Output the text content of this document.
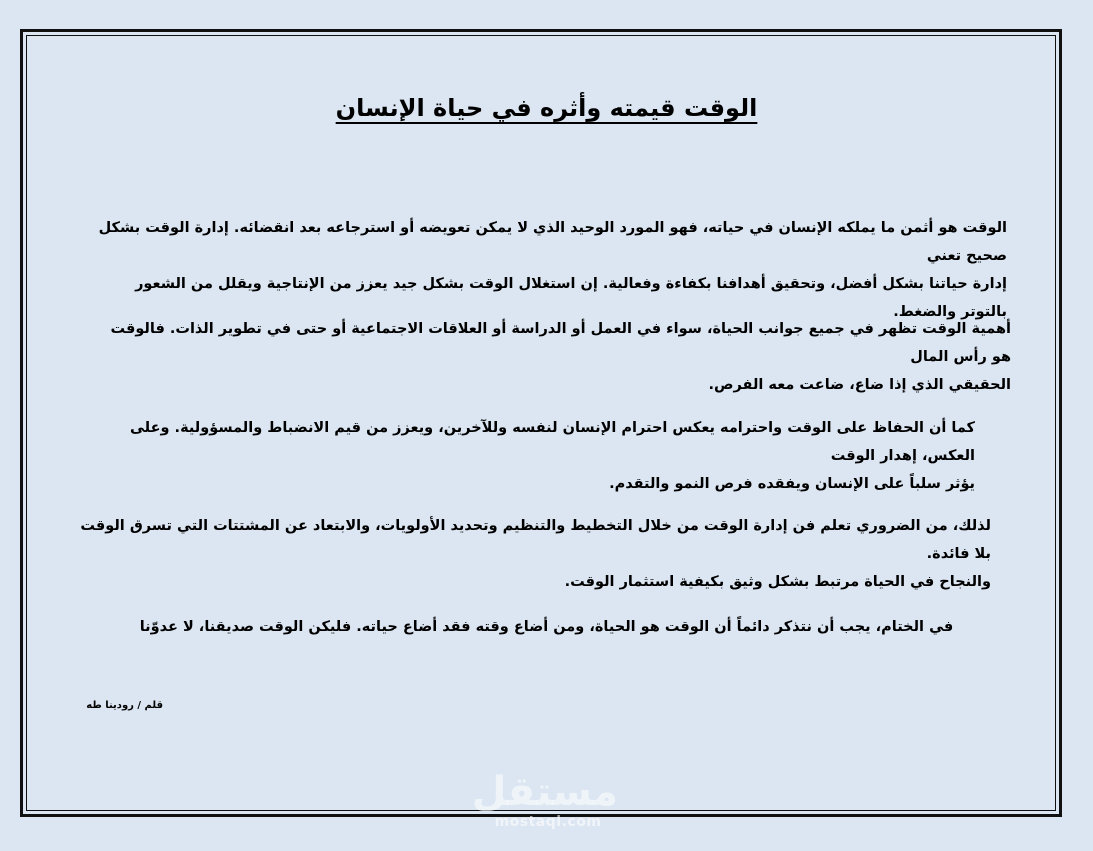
الوقت قيمته وأثره في حياة الإنسان
الوقت هو أثمن ما يملكه الإنسان في حياته، فهو المورد الوحيد الذي لا يمكن تعويضه أو استرجاعه بعد انقضائه. إدارة الوقت بشكل صحيح تعني
إدارة حياتنا بشكل أفضل، وتحقيق أهدافنا بكفاءة وفعالية. إن استغلال الوقت بشكل جيد يعزز من الإنتاجية ويقلل من الشعور بالتوتر والضغط.
أهمية الوقت تظهر في جميع جوانب الحياة، سواء في العمل أو الدراسة أو العلاقات الاجتماعية أو حتى في تطوير الذات. فالوقت هو رأس المال
الحقيقي الذي إذا ضاع، ضاعت معه الفرص.
كما أن الحفاظ على الوقت واحترامه يعكس احترام الإنسان لنفسه وللآخرين، ويعزز من قيم الانضباط والمسؤولية. وعلى العكس، إهدار الوقت
يؤثر سلباً على الإنسان ويفقده فرص النمو والتقدم.
لذلك، من الضروري تعلم فن إدارة الوقت من خلال التخطيط والتنظيم وتحديد الأولويات، والابتعاد عن المشتتات التي تسرق الوقت بلا فائدة.
والنجاح في الحياة مرتبط بشكل وثيق بكيفية استثمار الوقت.
في الختام، يجب أن نتذكر دائماً أن الوقت هو الحياة، ومن أضاع وقته فقد أضاع حياته. فليكن الوقت صديقنا، لا عدوّنا
قلم / رودينا طه
مستقل
mostaql.com
